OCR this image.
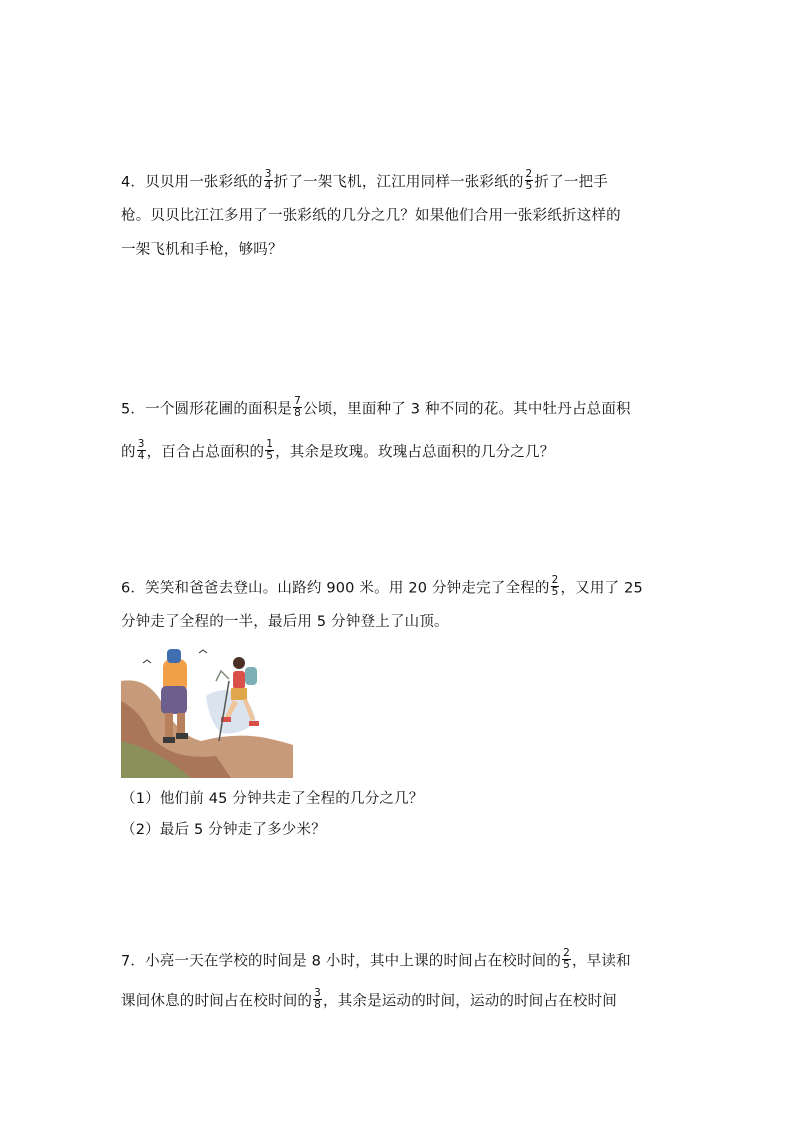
4．贝贝用一张彩纸的 $\frac{3}{4}$ 折了一架飞机，江江用同样一张彩纸的 $\frac{2}{5}$ 折了一把手
枪。贝贝比江江多用了一张彩纸的几分之几？如果他们合用一张彩纸折这样的
一架飞机和手枪，够吗？
5．一个圆形花圃的面积是 $\frac{7}{8}$ 公顷，里面种了 3 种不同的花。其中牡丹占总面积
的 $\frac{3}{4}$ ，百合占总面积的 $\frac{1}{5}$ ，其余是玫瑰。玫瑰占总面积的几分之几？
6．笑笑和爸爸去登山。山路约 900 米。用 20 分钟走完了全程的 $\frac{2}{5}$ ，又用了 25
分钟走了全程的一半，最后用 5 分钟登上了山顶。
（1）他们前 45 分钟共走了全程的几分之几？
（2）最后 5 分钟走了多少米？
7．小亮一天在学校的时间是 8 小时，其中上课的时间占在校时间的 $\frac{2}{5}$ ，早读和
课间休息的时间占在校时间的 $\frac{3}{8}$ ，其余是运动的时间，运动的时间占在校时间
